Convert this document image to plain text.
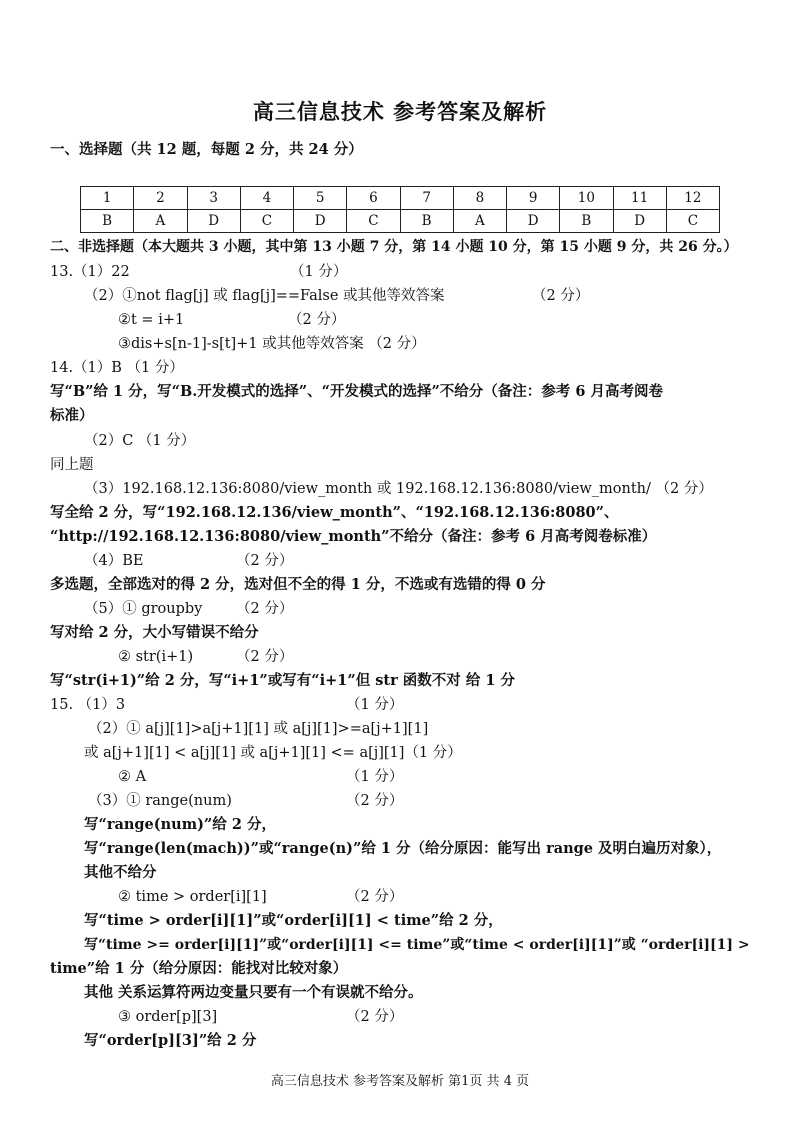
高三信息技术 参考答案及解析
一、选择题（共 12 题，每题 2 分，共 24 分）
1	2	3	4	5	6	7	8	9	10	11	12
B	A	D	C	D	C	B	A	D	B	D	C
二、非选择题（本大题共 3 小题，其中第 13 小题 7 分，第 14 小题 10 分，第 15 小题 9 分，共 26 分。）
13.（1）22	（1 分）
（2）①not flag[j] 或 flag[j]==False 或其他等效答案	（2 分）
②t = i+1	（2 分）
③dis+s[n-1]-s[t]+1 或其他等效答案 （2 分）
14.（1）B （1 分）
写“B”给 1 分，写“B.开发模式的选择”、“开发模式的选择”不给分（备注：参考 6 月高考阅卷
标准）
（2）C （1 分）
同上题
（3）192.168.12.136:8080/view_month 或 192.168.12.136:8080/view_month/ （2 分）
写全给 2 分，写“192.168.12.136/view_month”、“192.168.12.136:8080”、
“http://192.168.12.136:8080/view_month”不给分（备注：参考 6 月高考阅卷标准）
（4）BE	（2 分）
多选题，全部选对的得 2 分，选对但不全的得 1 分，不选或有选错的得 0 分
（5）① groupby （2 分）
写对给 2 分，大小写错误不给分
② str(i+1)	（2 分）
写“str(i+1)”给 2 分，写“i+1”或写有“i+1”但 str 函数不对 给 1 分
15. （1）3	（1 分）
（2）① a[j][1]>a[j+1][1] 或 a[j][1]>=a[j+1][1]
或 a[j+1][1] < a[j][1] 或 a[j+1][1] <= a[j][1]（1 分）
② A	（1 分）
（3）① range(num)	（2 分）
写“range(num)”给 2 分，
写“range(len(mach))”或“range(n)”给 1 分（给分原因：能写出 range 及明白遍历对象），
其他不给分
② time > order[i][1]	（2 分）
写“time > order[i][1]”或“order[i][1] < time”给 2 分，
写“time >= order[i][1]”或“order[i][1] <= time”或“time < order[i][1]”或 “order[i][1] >
time”给 1 分（给分原因：能找对比较对象）
其他 关系运算符两边变量只要有一个有误就不给分。
③ order[p][3]	（2 分）
写“order[p][3]”给 2 分
高三信息技术 参考答案及解析 第1页 共 4 页
